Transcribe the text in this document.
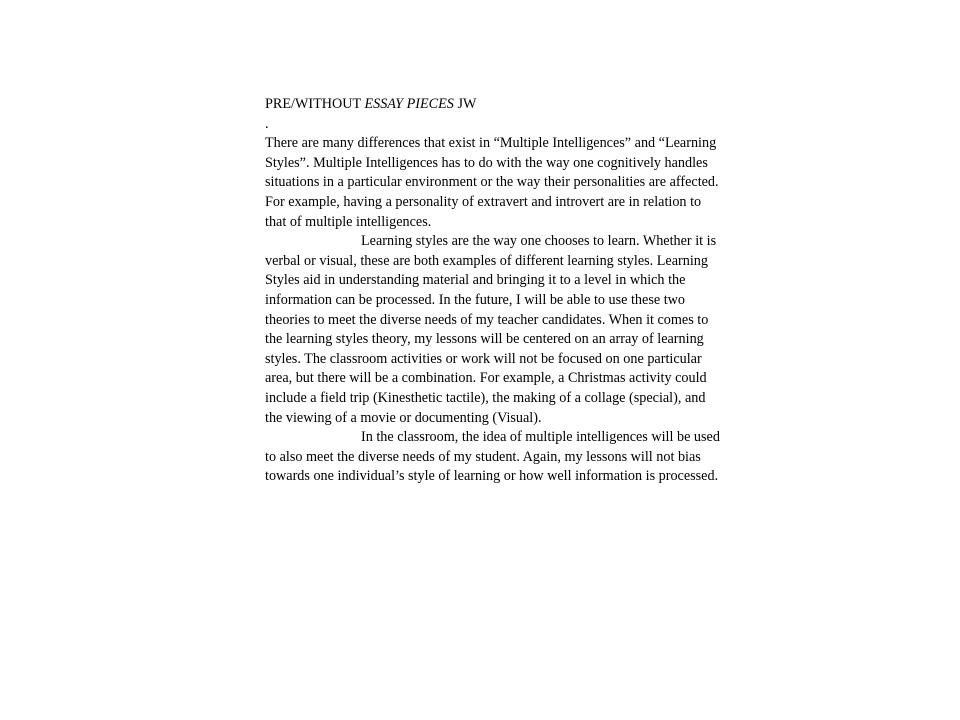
PRE/WITHOUT ESSAY PIECES JW
.
There are many differences that exist in “Multiple Intelligences” and “Learning
Styles”. Multiple Intelligences has to do with the way one cognitively handles
situations in a particular environment or the way their personalities are affected.
For example, having a personality of extravert and introvert are in relation to
that of multiple intelligences.
Learning styles are the way one chooses to learn. Whether it is
verbal or visual, these are both examples of different learning styles. Learning
Styles aid in understanding material and bringing it to a level in which the
information can be processed. In the future, I will be able to use these two
theories to meet the diverse needs of my teacher candidates. When it comes to
the learning styles theory, my lessons will be centered on an array of learning
styles. The classroom activities or work will not be focused on one particular
area, but there will be a combination. For example, a Christmas activity could
include a field trip (Kinesthetic tactile), the making of a collage (special), and
the viewing of a movie or documenting (Visual).
In the classroom, the idea of multiple intelligences will be used
to also meet the diverse needs of my student. Again, my lessons will not bias
towards one individual’s style of learning or how well information is processed.
